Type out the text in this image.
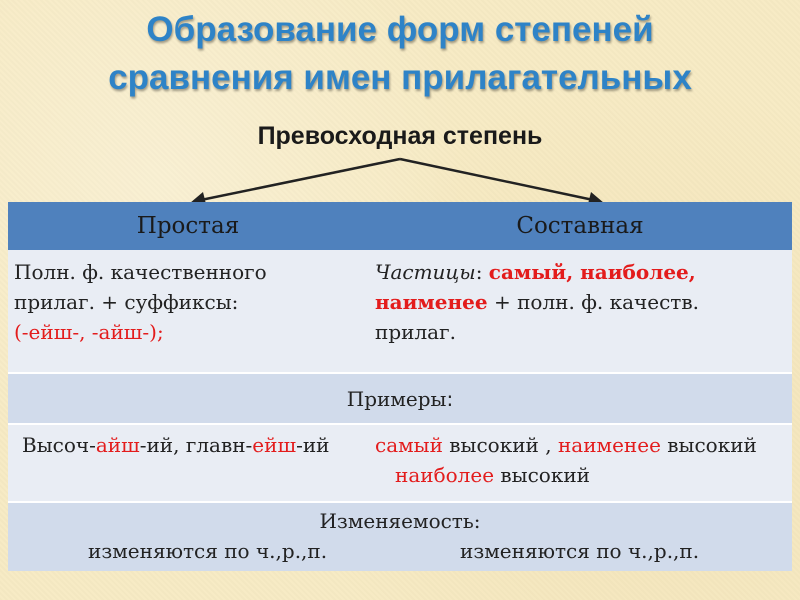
Образование форм степеней
сравнения имен прилагательных
Превосходная степень
Простая	Составная
Полн. ф. качественного
прилаг. + суффиксы:
(-ейш-, -айш-);
Частицы: самый, наиболее,
наименее + полн. ф. качеств.
прилаг.
Примеры:
Высоч-айш-ий, главн-ейш-ий самый высокий , наименее высокий
наиболее высокий
Изменяемость:
изменяются по ч.,р.,п.	изменяются по ч.,р.,п.
